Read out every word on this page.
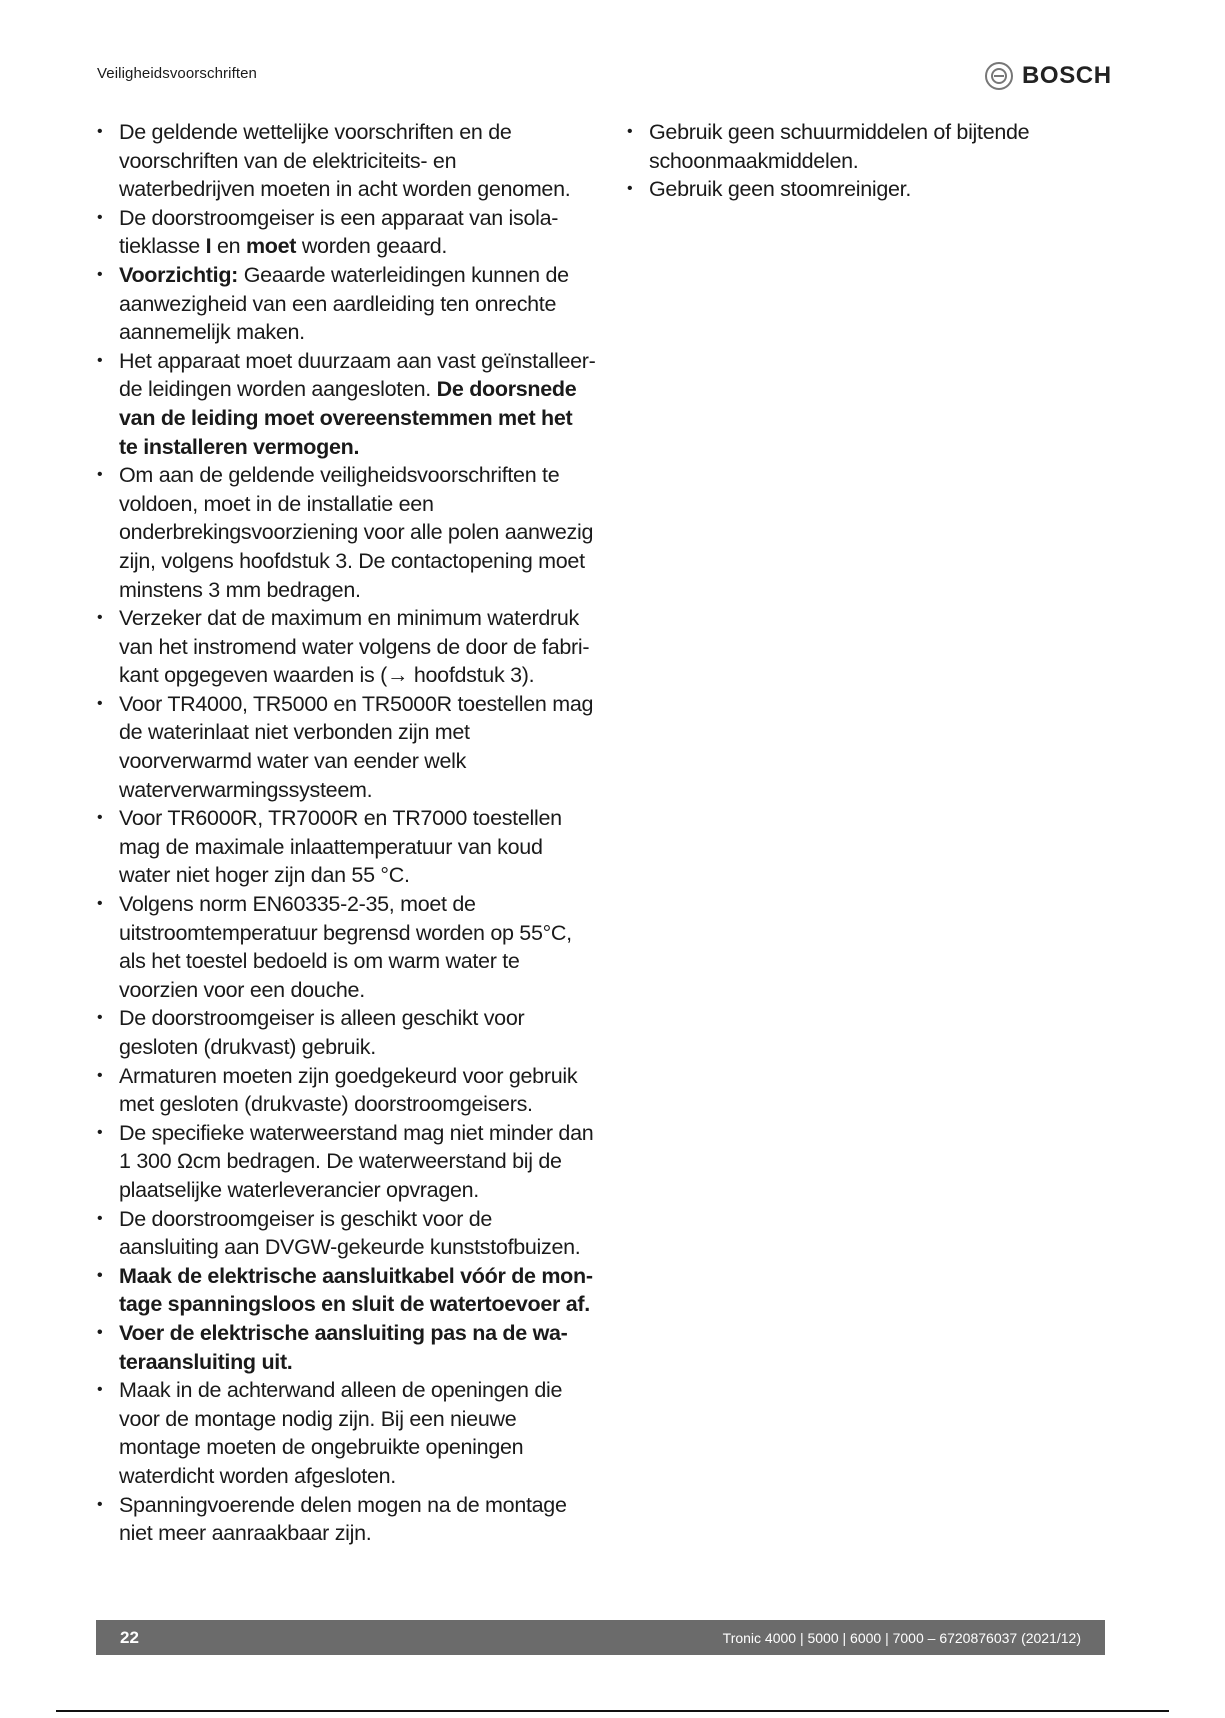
Veiligheidsvoorschriften	BOSCH
• De geldende wettelijke voorschriften en de voorschriften van de elektriciteits- en waterbedrijven moeten in acht worden genomen.
• De doorstroomgeiser is een apparaat van isola-tieklasse I en moet worden geaard.
• Voorzichtig: Geaarde waterleidingen kunnen de aanwezigheid van een aardleiding ten onrechte aannemelijk maken.
• Het apparaat moet duurzaam aan vast geïnstalleer-de leidingen worden aangesloten. De doorsnede van de leiding moet overeenstemmen met het te installeren vermogen.
• Om aan de geldende veiligheidsvoorschriften te voldoen, moet in de installatie een onderbrekingsvoorziening voor alle polen aanwezig zijn, volgens hoofdstuk 3. De contactopening moet minstens 3 mm bedragen.
• Verzeker dat de maximum en minimum waterdruk van het instromend water volgens de door de fabri-kant opgegeven waarden is (→ hoofdstuk 3).
• Voor TR4000, TR5000 en TR5000R toestellen mag de waterinlaat niet verbonden zijn met voorverwarmd water van eender welk waterverwarmingssysteem.
• Voor TR6000R, TR7000R en TR7000 toestellen mag de maximale inlaattemperatuur van koud water niet hoger zijn dan 55 °C.
• Volgens norm EN60335-2-35, moet de uitstroomtemperatuur begrensd worden op 55°C, als het toestel bedoeld is om warm water te voorzien voor een douche.
• De doorstroomgeiser is alleen geschikt voor gesloten (drukvast) gebruik.
• Armaturen moeten zijn goedgekeurd voor gebruik met gesloten (drukvaste) doorstroomgeisers.
• De specifieke waterweerstand mag niet minder dan 1 300 Ωcm bedragen. De waterweerstand bij de plaatselijke waterleverancier opvragen.
• De doorstroomgeiser is geschikt voor de aansluiting aan DVGW-gekeurde kunststofbuizen.
• Maak de elektrische aansluitkabel vóór de mon-tage spanningsloos en sluit de watertoevoer af.
• Voer de elektrische aansluiting pas na de wa-teraansluiting uit.
• Maak in de achterwand alleen de openingen die voor de montage nodig zijn. Bij een nieuwe montage moeten de ongebruikte openingen waterdicht worden afgesloten.
• Spanningvoerende delen mogen na de montage niet meer aanraakbaar zijn.
• Gebruik geen schuurmiddelen of bijtende schoonmaakmiddelen.
• Gebruik geen stoomreiniger.
22	Tronic 4000 | 5000 | 6000 | 7000 – 6720876037 (2021/12)
